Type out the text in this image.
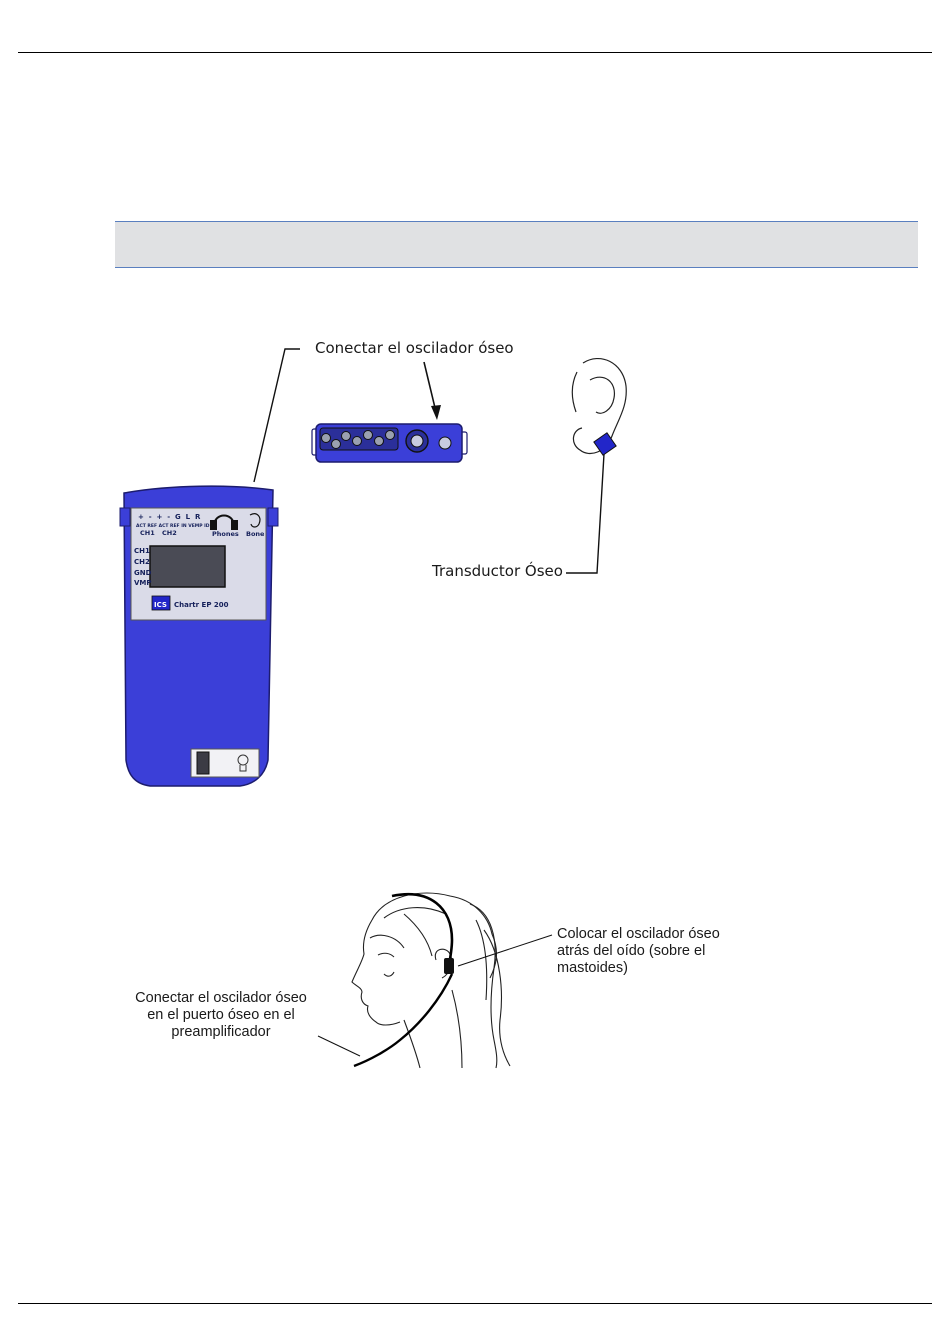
+  -  +  -  G  L  R
ACT REF ACT REF IN VEMP ID
CH1 CH2	Phones Bone
CH1
CH2
GND
VMP
ICS Chartr EP 200
Conectar el oscilador óseo
Transductor Óseo
Colocar el oscilador óseo
atrás del oído (sobre el
mastoides)
Conectar el oscilador óseo
en el puerto óseo en el
preamplificador
